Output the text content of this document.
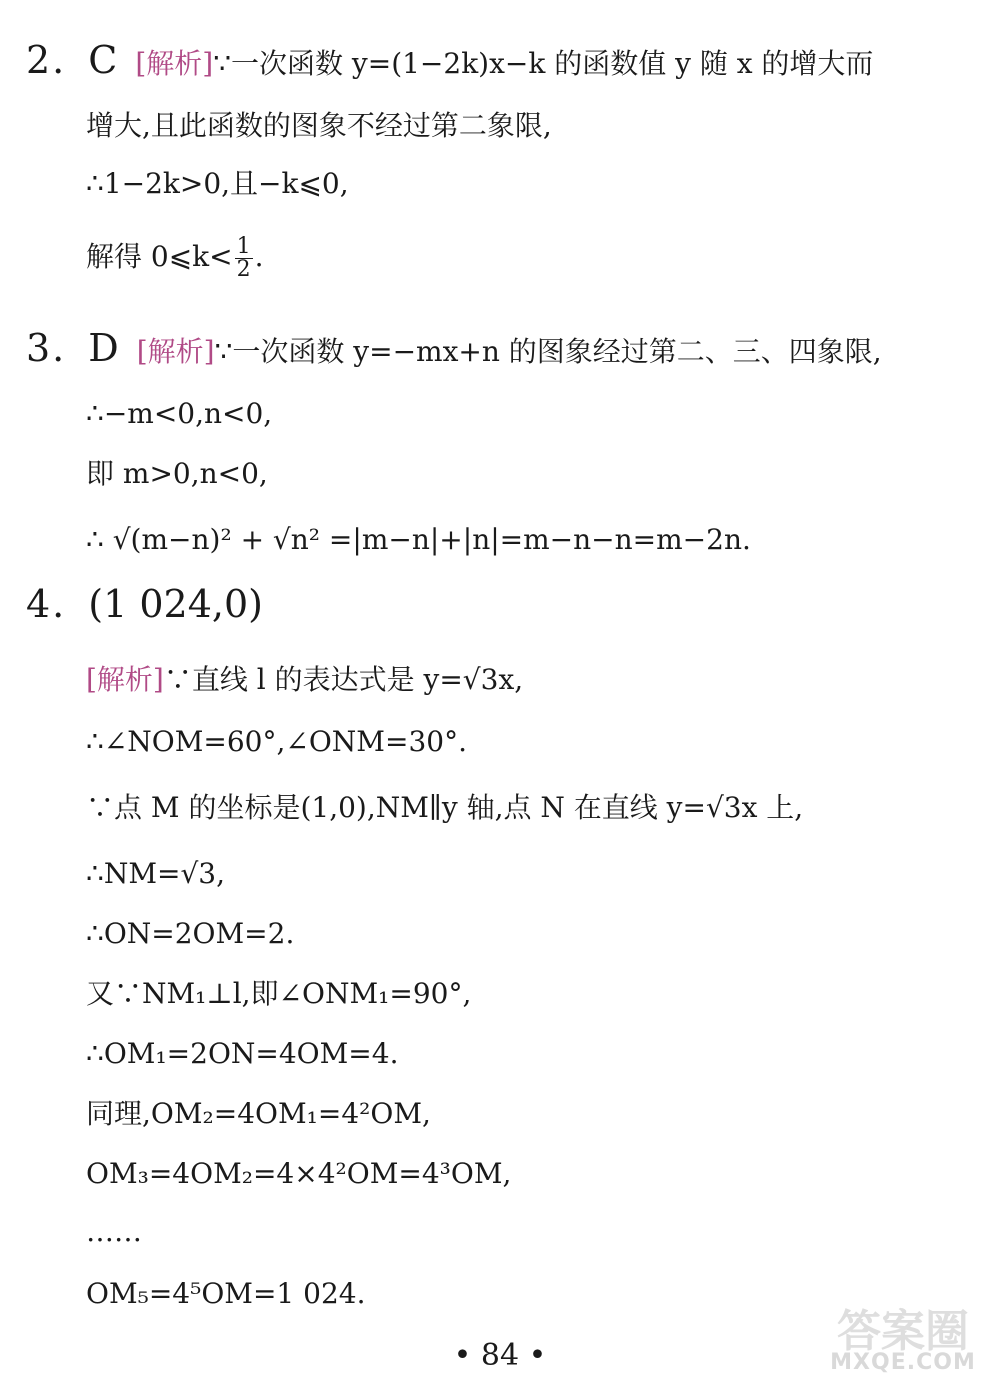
2. C [解析]∵一次函数 y=(1−2k)x−k 的函数值 y 随 x 的增大而
增大,且此函数的图象不经过第二象限,
∴1−2k>0,且−k⩽0,
解得 0⩽k< $\frac{1}{2}$ .
3. D [解析]∵一次函数 y=−mx+n 的图象经过第二、三、四象限,
∴−m<0,n<0,
即 m>0,n<0,
∴ √(m−n)² + √n² =|m−n|+|n|=m−n−n=m−2n.
4. (1 024,0)
[解析]∵直线 l 的表达式是 y=√3x,
∴∠NOM=60°,∠ONM=30°.
∵点 M 的坐标是(1,0),NM∥y 轴,点 N 在直线 y=√3x 上,
∴NM=√3,
∴ON=2OM=2.
又∵NM₁⊥l,即∠ONM₁=90°,
∴OM₁=2ON=4OM=4.
同理,OM₂=4OM₁=4²OM,
OM₃=4OM₂=4×4²OM=4³OM,
……
OM₅=4⁵OM=1 024.
• 84 •	答案圈
MXQE.COM
